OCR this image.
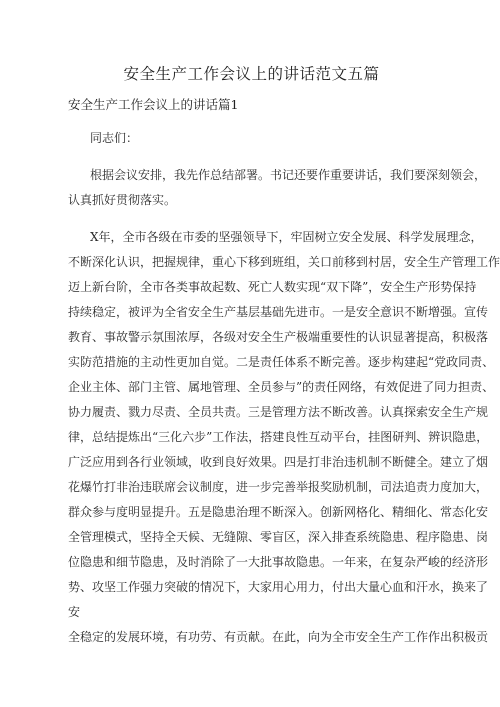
安全生产工作会议上的讲话范文五篇
安全生产工作会议上的讲话篇1
同志们：
根据会议安排，我先作总结部署。书记还要作重要讲话，我们要深刻领会，
认真抓好贯彻落实。
X年，全市各级在市委的坚强领导下，牢固树立安全发展、科学发展理念，
不断深化认识，把握规律，重心下移到班组，关口前移到村居，安全生产管理工作
迈上新台阶，全市各类事故起数、死亡人数实现“双下降”，安全生产形势保持
持续稳定，被评为全省安全生产基层基础先进市。一是安全意识不断增强。宣传
教育、事故警示氛围浓厚，各级对安全生产极端重要性的认识显著提高，积极落
实防范措施的主动性更加自觉。二是责任体系不断完善。逐步构建起“党政同责、
企业主体、部门主管、属地管理、全员参与”的责任网络，有效促进了同力担责、
协力履责、戮力尽责、全员共责。三是管理方法不断改善。认真探索安全生产规
律，总结提炼出“三化六步”工作法，搭建良性互动平台，挂图研判、辨识隐患，
广泛应用到各行业领域，收到良好效果。四是打非治违机制不断健全。建立了烟
花爆竹打非治违联席会议制度，进一步完善举报奖励机制，司法追责力度加大，
群众参与度明显提升。五是隐患治理不断深入。创新网格化、精细化、常态化安
全管理模式，坚持全天候、无缝隙、零盲区，深入排查系统隐患、程序隐患、岗
位隐患和细节隐患，及时消除了一大批事故隐患。一年来，在复杂严峻的经济形
势、攻坚工作强力突破的情况下，大家用心用力，付出大量心血和汗水，换来了
安
全稳定的发展环境，有功劳、有贡献。在此，向为全市安全生产工作作出积极贡
